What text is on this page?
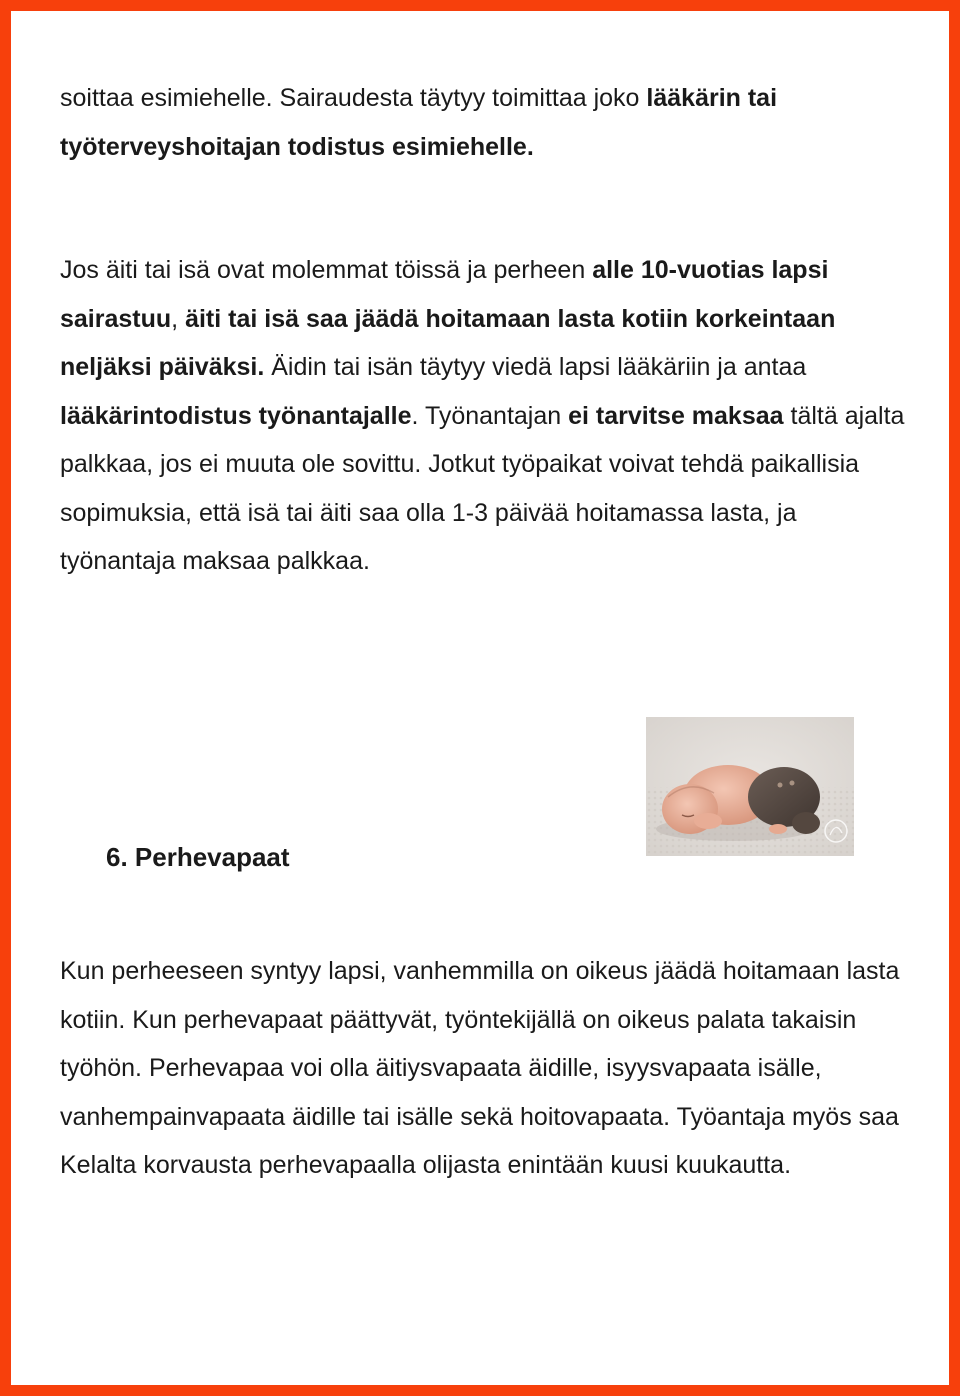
soittaa esimiehelle. Sairaudesta täytyy toimittaa joko lääkärin tai työterveyshoitajan todistus esimiehelle.

Jos äiti tai isä ovat molemmat töissä ja perheen alle 10-vuotias lapsi sairastuu, äiti tai isä saa jäädä hoitamaan lasta kotiin korkeintaan neljäksi päiväksi. Äidin tai isän täytyy viedä lapsi lääkäriin ja antaa lääkärintodistus työnantajalle. Työnantajan ei tarvitse maksaa tältä ajalta palkkaa, jos ei muuta ole sovittu. Jotkut työpaikat voivat tehdä paikallisia sopimuksia, että isä tai äiti saa olla 1-3 päivää hoitamassa lasta, ja työnantaja maksaa palkkaa.

6. Perhevapaat

Kun perheeseen syntyy lapsi, vanhemmilla on oikeus jäädä hoitamaan lasta kotiin. Kun perhevapaat päättyvät, työntekijällä on oikeus palata takaisin työhön. Perhevapaa voi olla äitiysvapaata äidille, isyysvapaata isälle, vanhempainvapaata äidille tai isälle sekä hoitovapaata. Työantaja myös saa Kelalta korvausta perhevapaalla olijasta enintään kuusi kuukautta.
